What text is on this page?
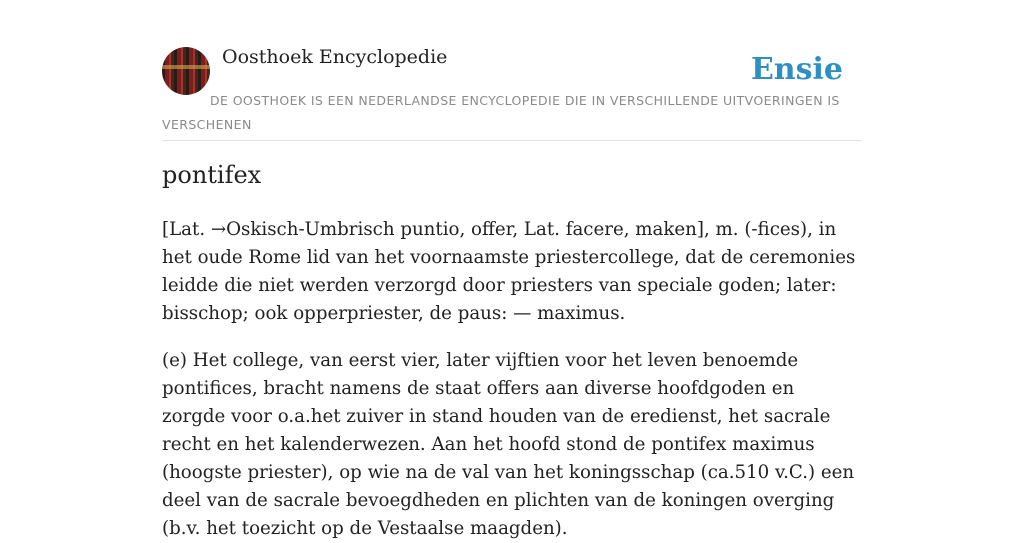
Oosthoek Encyclopedie	Ensie
DE OOSTHOEK IS EEN NEDERLANDSE ENCYCLOPEDIE DIE IN VERSCHILLENDE UITVOERINGEN IS VERSCHENEN
pontifex

[Lat. →Oskisch-Umbrisch puntio, offer, Lat. facere, maken], m. (-fices), in het oude Rome lid van het voornaamste priestercollege, dat de ceremonies leidde die niet werden verzorgd door priesters van speciale goden; later: bisschop; ook opperpriester, de paus: — maximus.

(e) Het college, van eerst vier, later vijftien voor het leven benoemde pontifices, bracht namens de staat offers aan diverse hoofdgoden en zorgde voor o.a.het zuiver in stand houden van de eredienst, het sacrale recht en het kalenderwezen. Aan het hoofd stond de pontifex maximus (hoogste priester), op wie na de val van het koningsschap (ca.510 v.C.) een deel van de sacrale bevoegdheden en plichten van de koningen overging (b.v. het toezicht op de Vestaalse maagden).
